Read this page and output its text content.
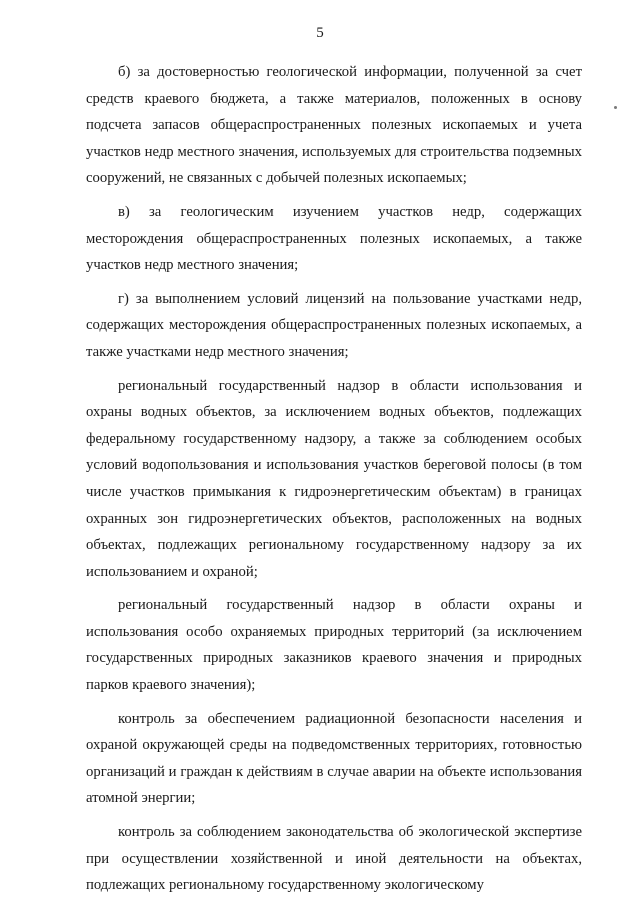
5

б) за достоверностью геологической информации, полученной за счет средств краевого бюджета, а также материалов, положенных в основу подсчета запасов общераспространенных полезных ископаемых и учета участков недр местного значения, используемых для строительства подземных сооружений, не связанных с добычей полезных ископаемых;

в) за геологическим изучением участков недр, содержащих месторождения общераспространенных полезных ископаемых, а также участков недр местного значения;

г) за выполнением условий лицензий на пользование участками недр, содержащих месторождения общераспространенных полезных ископаемых, а также участками недр местного значения;

региональный государственный надзор в области использования и охраны водных объектов, за исключением водных объектов, подлежащих федеральному государственному надзору, а также за соблюдением особых условий водопользования и использования участков береговой полосы (в том числе участков примыкания к гидроэнергетическим объектам) в границах охранных зон гидроэнергетических объектов, расположенных на водных объектах, подлежащих региональному государственному надзору за их использованием и охраной;

региональный государственный надзор в области охраны и использования особо охраняемых природных территорий (за исключением государственных природных заказников краевого значения и природных парков краевого значения);

контроль за обеспечением радиационной безопасности населения и охраной окружающей среды на подведомственных территориях, готовностью организаций и граждан к действиям в случае аварии на объекте использования атомной энергии;

контроль за соблюдением законодательства об экологической экспертизе при осуществлении хозяйственной и иной деятельности на объектах, подлежащих региональному государственному экологическому
